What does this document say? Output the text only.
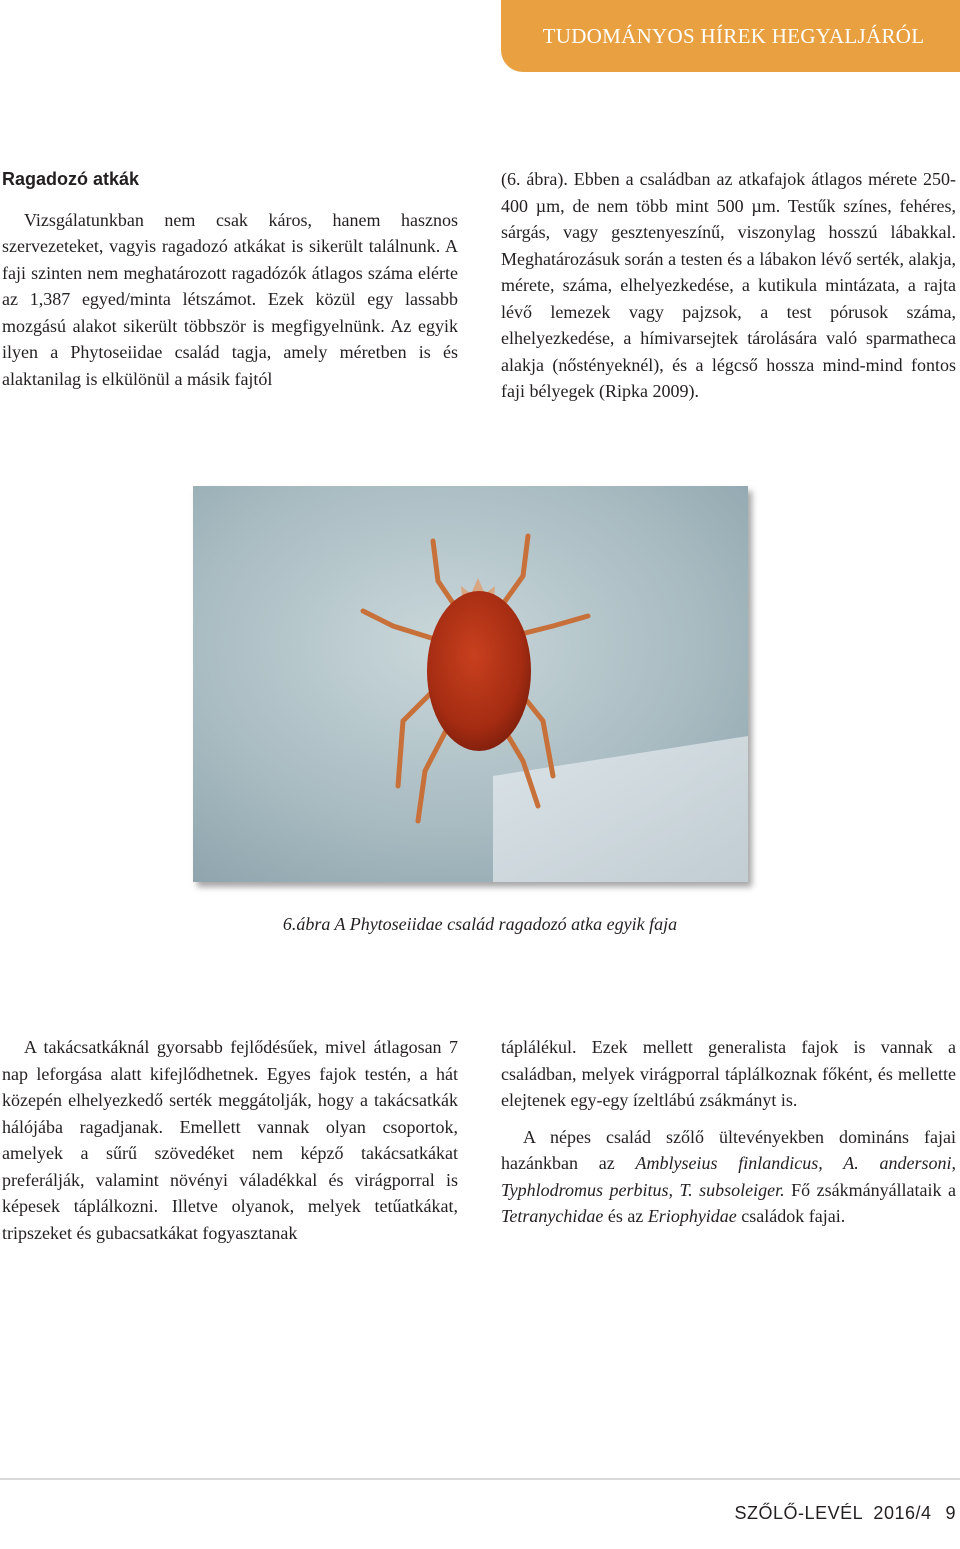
TUDOMÁNYOS HÍREK HEGYALJÁRÓL

Ragadozó atkák

Vizsgálatunkban nem csak káros, hanem hasznos szervezeteket, vagyis ragadozó atkákat is sikerült találnunk. A faji szinten nem meghatározott ragadózók átlagos száma elérte az 1,387 egyed/minta létszámot. Ezek közül egy lassabb mozgású alakot sikerült többször is megfigyelnünk. Az egyik ilyen a Phytoseiidae család tagja, amely méretben is és alaktanilag is elkülönül a másik fajtól

(6. ábra). Ebben a családban az atkafajok átlagos mérete 250-400 µm, de nem több mint 500 µm. Testűk színes, fehéres, sárgás, vagy gesztenyeszínű, viszonylag hosszú lábakkal. Meghatározásuk során a testen és a lábakon lévő serték, alakja, mérete, száma, elhelyezkedése, a kutikula mintázata, a rajta lévő lemezek vagy pajzsok, a test pórusok száma, elhelyezkedése, a hímivarsejtek tárolására való sparmatheca alakja (nőstényeknél), és a légcső hossza mind-mind fontos faji bélyegek (Ripka 2009).

6.ábra A Phytoseiidae család ragadozó atka egyik faja

A takácsatkáknál gyorsabb fejlődésűek, mivel átlagosan 7 nap leforgása alatt kifejlődhetnek. Egyes fajok testén, a hát közepén elhelyezkedő serték meggátolják, hogy a takácsatkák hálójába ragadjanak. Emellett vannak olyan csoportok, amelyek a sűrű szövedéket nem képző takácsatkákat preferálják, valamint növényi váladékkal és virágporral is képesek táplálkozni. Illetve olyanok, melyek tetűatkákat, tripszeket és gubacsatkákat fogyasztanak

táplálékul. Ezek mellett generalista fajok is vannak a családban, melyek virágporral táplálkoznak főként, és mellette elejtenek egy-egy ízeltlábú zsákmányt is.

A népes család szőlő ültevényekben domináns fajai hazánkban az Amblyseius finlandicus, A. andersoni, Typhlodromus perbitus, T. subsoleiger. Fő zsákmányállataik a Tetranychidae és az Eriophyidae családok fajai.

SZŐLŐ-LEVÉL  2016/4 9
